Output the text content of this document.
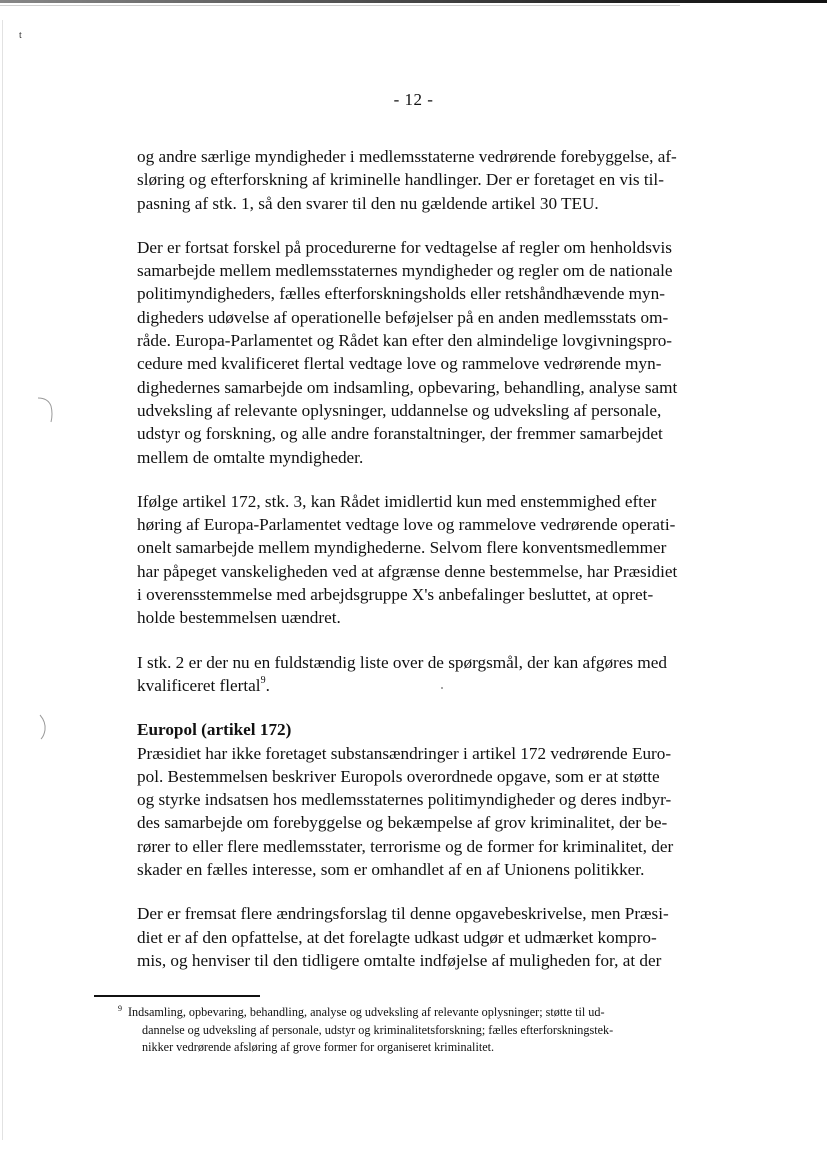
t
- 12 -

og andre særlige myndigheder i medlemsstaterne vedrørende forebyggelse, af-
sløring og efterforskning af kriminelle handlinger. Der er foretaget en vis til-
pasning af stk. 1, så den svarer til den nu gældende artikel 30 TEU.

Der er fortsat forskel på procedurerne for vedtagelse af regler om henholdsvis
samarbejde mellem medlemsstaternes myndigheder og regler om de nationale
politimyndigheders, fælles efterforskningsholds eller retshåndhævende myn-
digheders udøvelse af operationelle beføjelser på en anden medlemsstats om-
råde. Europa-Parlamentet og Rådet kan efter den almindelige lovgivningspro-
cedure med kvalificeret flertal vedtage love og rammelove vedrørende myn-
dighedernes samarbejde om indsamling, opbevaring, behandling, analyse samt
udveksling af relevante oplysninger, uddannelse og udveksling af personale,
udstyr og forskning, og alle andre foranstaltninger, der fremmer samarbejdet
mellem de omtalte myndigheder.

Ifølge artikel 172, stk. 3, kan Rådet imidlertid kun med enstemmighed efter
høring af Europa-Parlamentet vedtage love og rammelove vedrørende operati-
onelt samarbejde mellem myndighederne. Selvom flere konventsmedlemmer
har påpeget vanskeligheden ved at afgrænse denne bestemmelse, har Præsidiet
i overensstemmelse med arbejdsgruppe X's anbefalinger besluttet, at opret-
holde bestemmelsen uændret.

I stk. 2 er der nu en fuldstændig liste over de spørgsmål, der kan afgøres med
kvalificeret flertal$^9$.

Europol (artikel 172)

Præsidiet har ikke foretaget substansændringer i artikel 172 vedrørende Euro-
pol. Bestemmelsen beskriver Europols overordnede opgave, som er at støtte
og styrke indsatsen hos medlemsstaternes politimyndigheder og deres indbyr-
des samarbejde om forebyggelse og bekæmpelse af grov kriminalitet, der be-
rører to eller flere medlemsstater, terrorisme og de former for kriminalitet, der
skader en fælles interesse, som er omhandlet af en af Unionens politikker.

Der er fremsat flere ændringsforslag til denne opgavebeskrivelse, men Præsi-
diet er af den opfattelse, at det forelagte udkast udgør et udmærket kompro-
mis, og henviser til den tidligere omtalte indføjelse af muligheden for, at der

$^9$ Indsamling, opbevaring, behandling, analyse og udveksling af relevante oplysninger; støtte til ud-
dannelse og udveksling af personale, udstyr og kriminalitetsforskning; fælles efterforskningstek-
nikker vedrørende afsløring af grove former for organiseret kriminalitet.
